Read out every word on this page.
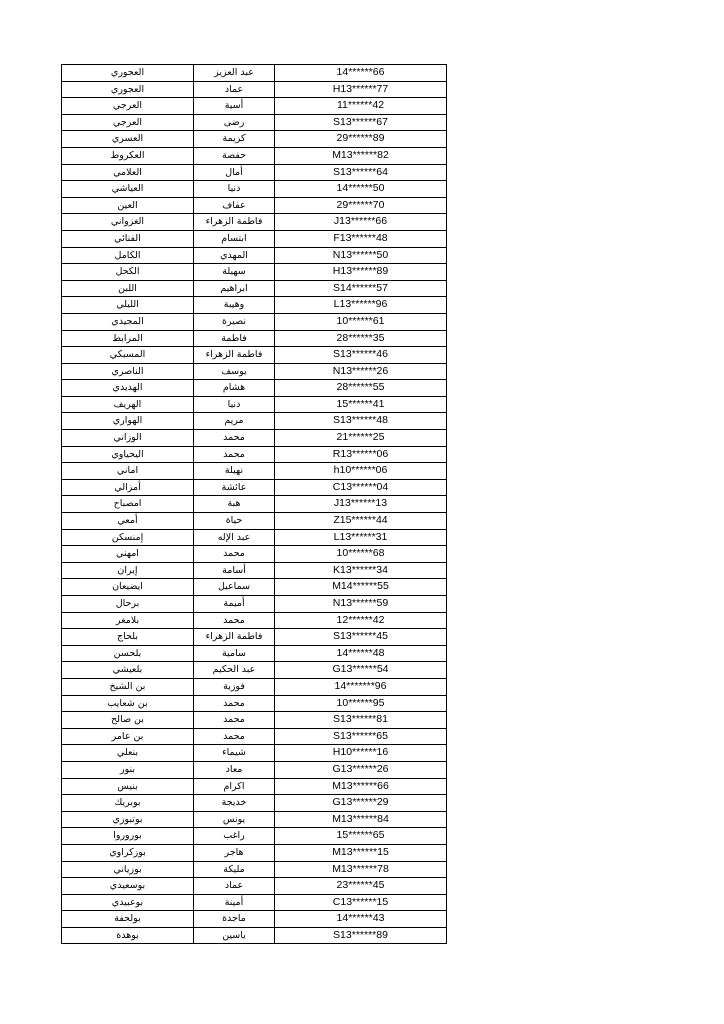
العجوري	عبد العزيز	14******66
العجوري	عماد	H13******77
العرجي	أسية	11******42
العرجي	رضى	S13******67
العسري	كريمة	29******89
العكروط	حفصة	M13******82
العلامي	أمال	S13******64
العياشي	دنيا	14******50
العين	عفاف	29******70
الغزواني	فاطمة الزهراء	J13******66
الفنائي	ابتسام	F13******48
الكامل	المهدي	N13******50
الكحل	سهيلة	H13******89
اللبن	ابراهيم	S14******57
الليلي	وهيبة	L13******96
المجيدي	نصيرة	10******61
المرابط	فاطمة	28******35
المسبكي	فاطمة الزهراء	S13******46
الناصري	يوسف	N13******26
الهديدي	هشام	28******55
الهريف	دنيا	15******41
الهواري	مريم	S13******48
الوزاني	محمد	21******25
اليحياوي	محمد	R13******06
اماني	نهيلة	h10******06
أمزالي	عائشة	C13******04
امصباح	هبة	J13******13
أمعي	حياة	Z15******44
إمنسكن	عبد الإله	L13******31
امهني	محمد	10******68
إيران	أسامة	K13******34
ايضيعان	سماعيل	M14******55
برحال	أميمة	N13******59
بلامغر	محمد	12******42
بلحاج	فاطمة الزهراء	S13******45
بلحسن	سامية	14******48
بلعيشي	عبد الحكيم	G13******54
بن الشيخ	فوزية	14*******96
بن شعايب	محمد	10******95
بن صالح	محمد	S13******81
بن عامر	محمد	S13******65
بنعلي	شيماء	H10******16
بنور	معاد	G13******26
بنيس	اكرام	M13******66
بوبريك	خديجة	G13******29
بوتبوزي	يونس	M13******84
بوروروا	راغب	15******65
بوزكراوي	هاجر	M13******15
بوزياني	مليكة	M13******78
بوسعيدي	عماد	23******45
بوعبيدي	أمينة	C13******15
بولحفة	ماجدة	14******43
بوهدة	ياسين	S13******89
